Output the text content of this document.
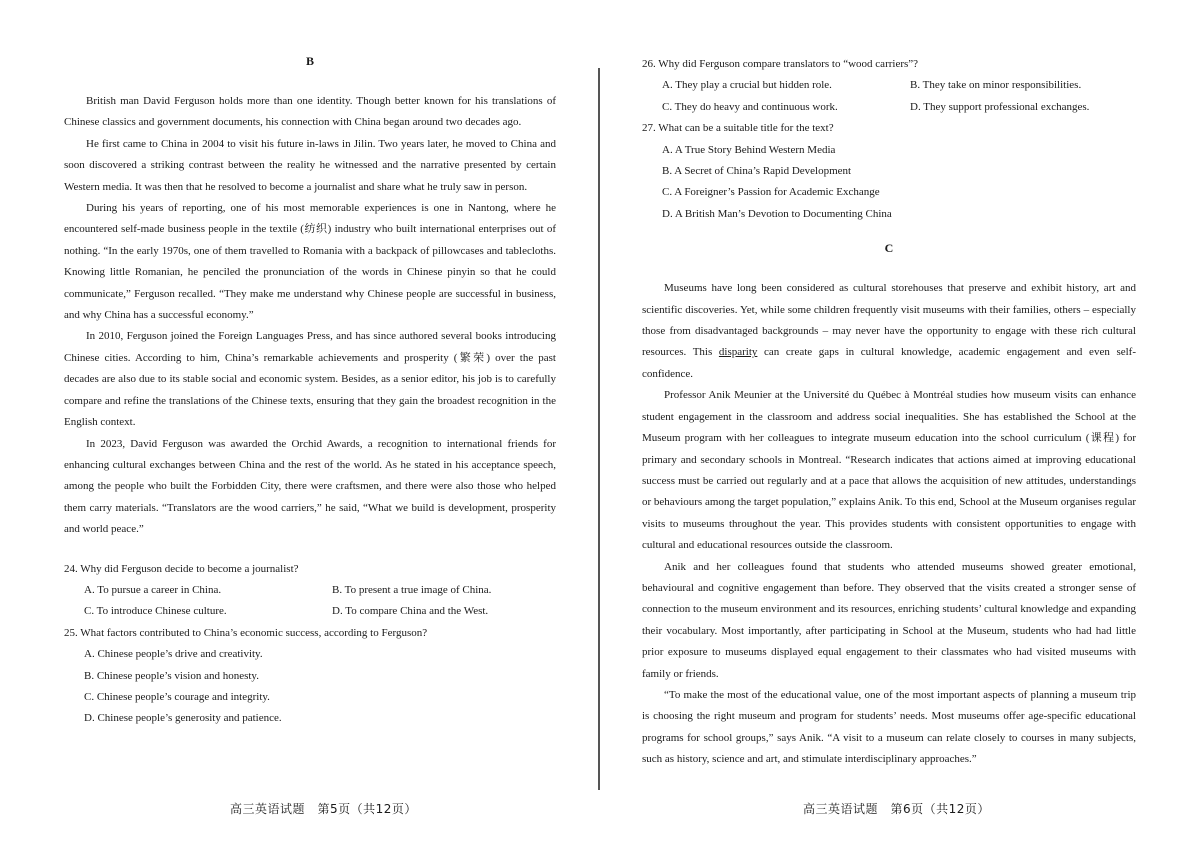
B

British man David Ferguson holds more than one identity. Though better known for his translations of Chinese classics and government documents, his connection with China began around two decades ago.

He first came to China in 2004 to visit his future in-laws in Jilin. Two years later, he moved to China and soon discovered a striking contrast between the reality he witnessed and the narrative presented by certain Western media. It was then that he resolved to become a journalist and share what he truly saw in person.

During his years of reporting, one of his most memorable experiences is one in Nantong, where he encountered self-made business people in the textile (纺织) industry who built international enterprises out of nothing. “In the early 1970s, one of them travelled to Romania with a backpack of pillowcases and tablecloths. Knowing little Romanian, he penciled the pronunciation of the words in Chinese pinyin so that he could communicate,” Ferguson recalled. “They make me understand why Chinese people are successful in business, and why China has a successful economy.”

In 2010, Ferguson joined the Foreign Languages Press, and has since authored several books introducing Chinese cities. According to him, China’s remarkable achievements and prosperity (繁荣) over the past decades are also due to its stable social and economic system. Besides, as a senior editor, his job is to carefully compare and refine the translations of the Chinese texts, ensuring that they gain the broadest recognition in the English context.

In 2023, David Ferguson was awarded the Orchid Awards, a recognition to international friends for enhancing cultural exchanges between China and the rest of the world. As he stated in his acceptance speech, among the people who built the Forbidden City, there were craftsmen, and there were also those who helped them carry materials. “Translators are the wood carriers,” he said, “What we build is development, prosperity and world peace.”

24. Why did Ferguson decide to become a journalist?

A. To pursue a career in China.	B. To present a true image of China.
C. To introduce Chinese culture.	D. To compare China and the West.

25. What factors contributed to China’s economic success, according to Ferguson?

A. Chinese people’s drive and creativity.
B. Chinese people’s vision and honesty.
C. Chinese people’s courage and integrity.
D. Chinese people’s generosity and patience.

26. Why did Ferguson compare translators to “wood carriers”?

A. They play a crucial but hidden role.	B. They take on minor responsibilities.
C. They do heavy and continuous work.	D. They support professional exchanges.

27. What can be a suitable title for the text?

A. A True Story Behind Western Media
B. A Secret of China’s Rapid Development
C. A Foreigner’s Passion for Academic Exchange
D. A British Man’s Devotion to Documenting China
C

Museums have long been considered as cultural storehouses that preserve and exhibit history, art and scientific discoveries. Yet, while some children frequently visit museums with their families, others – especially those from disadvantaged backgrounds – may never have the opportunity to engage with these rich cultural resources. This disparity can create gaps in cultural knowledge, academic engagement and even self-confidence.

Professor Anik Meunier at the Université du Québec à Montréal studies how museum visits can enhance student engagement in the classroom and address social inequalities. She has established the School at the Museum program with her colleagues to integrate museum education into the school curriculum (课程) for primary and secondary schools in Montreal. “Research indicates that actions aimed at improving educational success must be carried out regularly and at a pace that allows the acquisition of new attitudes, understandings or behaviours among the target population,” explains Anik. To this end, School at the Museum organises regular visits to museums throughout the year. This provides students with consistent opportunities to engage with cultural and educational resources outside the classroom.

Anik and her colleagues found that students who attended museums showed greater emotional, behavioural and cognitive engagement than before. They observed that the visits created a stronger sense of connection to the museum environment and its resources, enriching students’ cultural knowledge and expanding their vocabulary. Most importantly, after participating in School at the Museum, students who had had little prior exposure to museums displayed equal engagement to their classmates who had visited museums with family or friends.

“To make the most of the educational value, one of the most important aspects of planning a museum trip is choosing the right museum and program for students’ needs. Most museums offer age-specific educational programs for school groups,” says Anik. “A visit to a museum can relate closely to courses in many subjects, such as history, science and art, and stimulate interdisciplinary approaches.”

高三英语试题　第5页（共12页）	高三英语试题　第6页（共12页）
